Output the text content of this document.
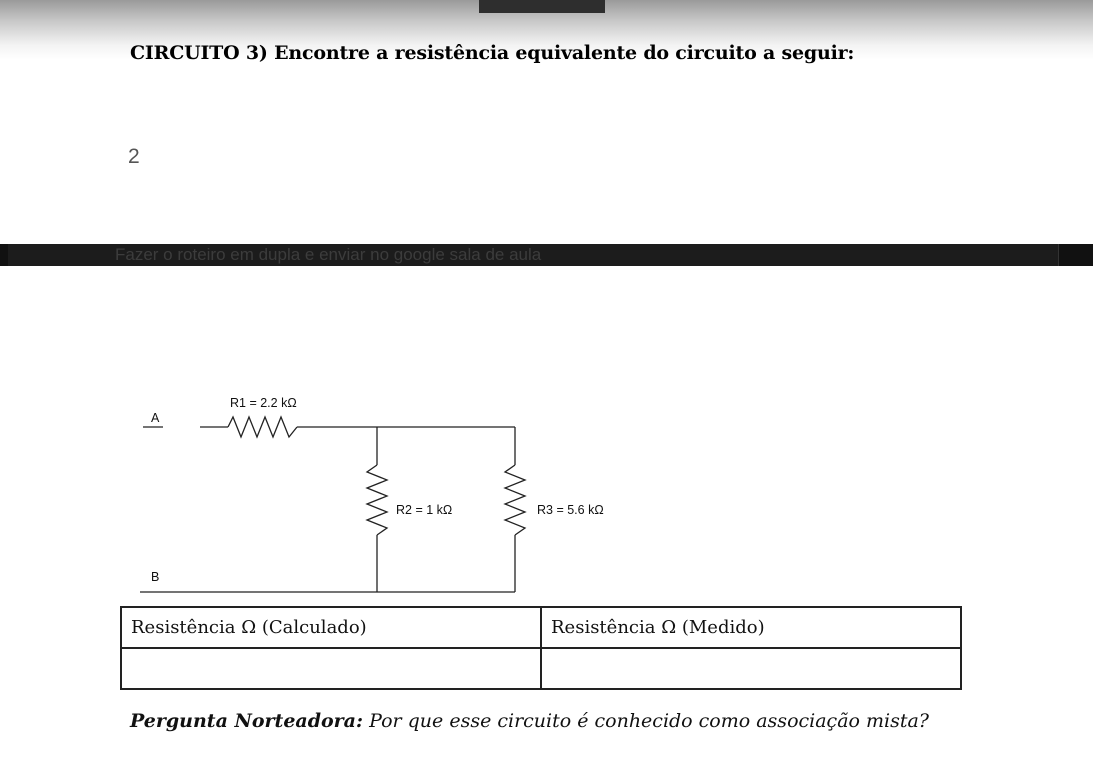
CIRCUITO 3) Encontre a resistência equivalente do circuito a seguir:
2
Fazer o roteiro em dupla e enviar no google sala de aula
A
R1 = 2.2 kΩ
R2 = 1 kΩ	R3 = 5.6 kΩ
B
Resistência Ω (Calculado)	Resistência Ω (Medido)

Pergunta Norteadora: Por que esse circuito é conhecido como associação mista?
